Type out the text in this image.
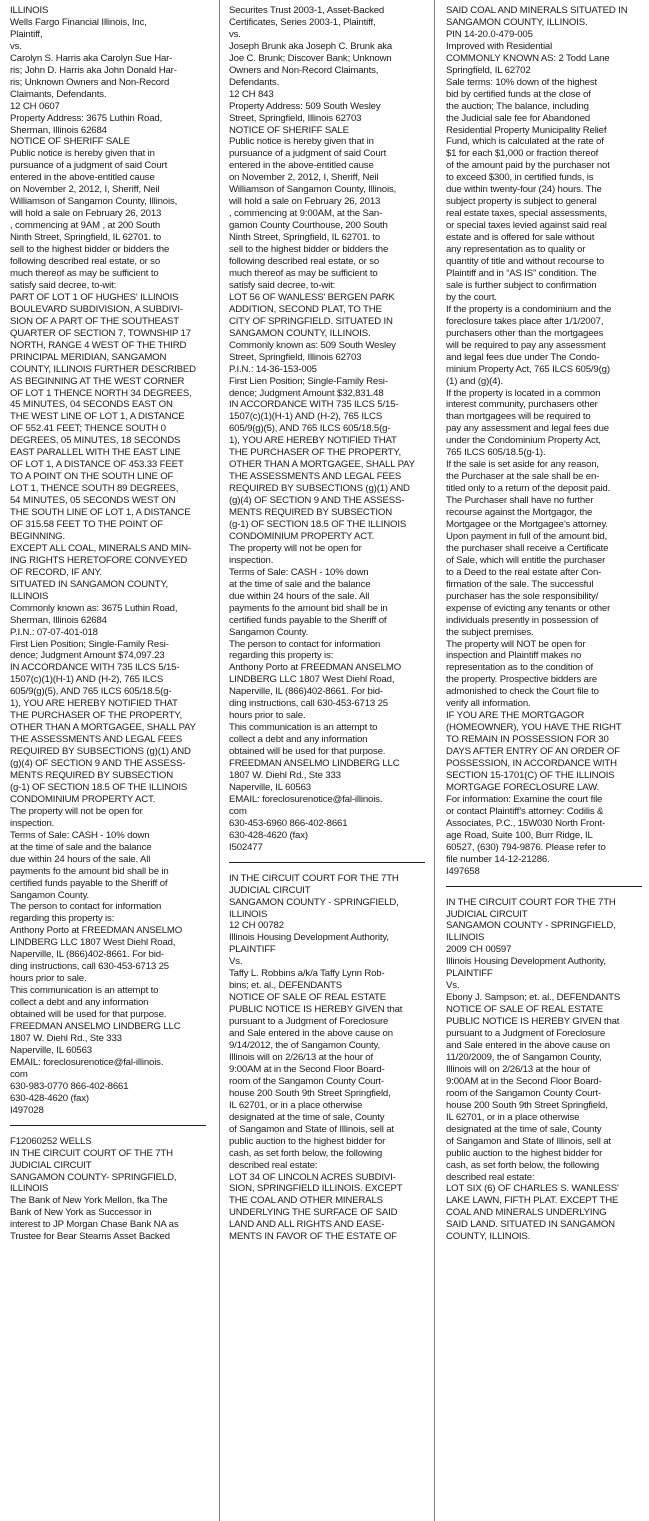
ILLINOIS
Wells Fargo Financial Illinois, Inc,
Plaintiff,
vs.
Carolyn S. Harris aka Carolyn Sue Har-
ris; John D. Harris aka John Donald Har-
ris; Unknown Owners and Non-Record
Claimants, Defendants.
12 CH 0607
Property Address: 3675 Luthin Road,
Sherman, Illinois 62684
NOTICE OF SHERIFF SALE
Public notice is hereby given that in
pursuance of a judgment of said Court
entered in the above-entitled cause
on November 2, 2012, I, Sheriff, Neil
Williamson of Sangamon County, Illinois,
will hold a sale on February 26, 2013
, commencing at 9AM , at 200 South
Ninth Street, Springfield, IL 62701. to
sell to the highest bidder or bidders the
following described real estate, or so
much thereof as may be sufficient to
satisfy said decree, to-wit:
PART OF LOT 1 OF HUGHES' ILLINOIS
BOULEVARD SUBDIVISION, A SUBDIVI-
SION OF A PART OF THE SOUTHEAST
QUARTER OF SECTION 7, TOWNSHIP 17
NORTH, RANGE 4 WEST OF THE THIRD
PRINCIPAL MERIDIAN, SANGAMON
COUNTY, ILLINOIS FURTHER DESCRIBED
AS BEGINNING AT THE WEST CORNER
OF LOT 1 THENCE NORTH 34 DEGREES,
45 MINUTES, 04 SECONDS EAST ON
THE WEST LINE OF LOT 1, A DISTANCE
OF 552.41 FEET; THENCE SOUTH 0
DEGREES, 05 MINUTES, 18 SECONDS
EAST PARALLEL WITH THE EAST LINE
OF LOT 1, A DISTANCE OF 453.33 FEET
TO A POINT ON THE SOUTH LINE OF
LOT 1, THENCE SOUTH 89 DEGREES,
54 MINUTES, 05 SECONDS WEST ON
THE SOUTH LINE OF LOT 1, A DISTANCE
OF 315.58 FEET TO THE POINT OF
BEGINNING.
EXCEPT ALL COAL, MINERALS AND MIN-
ING RIGHTS HERETOFORE CONVEYED
OF RECORD, IF ANY.
SITUATED IN SANGAMON COUNTY,
ILLINOIS
Commonly known as: 3675 Luthin Road,
Sherman, Illinois 62684
P.I.N.: 07-07-401-018
First Lien Position; Single-Family Resi-
dence; Judgment Amount $74,097.23
IN ACCORDANCE WITH 735 ILCS 5/15-
1507(c)(1)(H-1) AND (H-2), 765 ILCS
605/9(g)(5), AND 765 ILCS 605/18.5(g-
1), YOU ARE HEREBY NOTIFIED THAT
THE PURCHASER OF THE PROPERTY,
OTHER THAN A MORTGAGEE, SHALL PAY
THE ASSESSMENTS AND LEGAL FEES
REQUIRED BY SUBSECTIONS (g)(1) AND
(g)(4) OF SECTION 9 AND THE ASSESS-
MENTS REQUIRED BY SUBSECTION
(g-1) OF SECTION 18.5 OF THE ILLINOIS
CONDOMINIUM PROPERTY ACT.
The property will not be open for
inspection.
Terms of Sale: CASH - 10% down
at the time of sale and the balance
due within 24 hours of the sale. All
payments fo the amount bid shall be in
certified funds payable to the Sheriff of
Sangamon County.
The person to contact for information
regarding this property is:
Anthony Porto at FREEDMAN ANSELMO
LINDBERG LLC 1807 West Diehl Road,
Naperville, IL (866)402-8661. For bid-
ding instructions, call 630-453-6713 25
hours prior to sale.
This communication is an attempt to
collect a debt and any information
obtained will be used for that purpose.
FREEDMAN ANSELMO LINDBERG LLC
1807 W. Diehl Rd., Ste 333
Naperville, IL 60563
EMAIL: foreclosurenotice@fal-illinois.
com
630-983-0770 866-402-8661
630-428-4620 (fax)
I497028
F12060252 WELLS
IN THE CIRCUIT COURT OF THE 7TH
JUDICIAL CIRCUIT
SANGAMON COUNTY- SPRINGFIELD,
ILLINOIS
The Bank of New York Mellon, fka The
Bank of New York as Successor in
interest to JP Morgan Chase Bank NA as
Trustee for Bear Stearns Asset Backed
Securites Trust 2003-1, Asset-Backed
Certificates, Series 2003-1, Plaintiff,
vs.
Joseph Brunk aka Joseph C. Brunk aka
Joe C. Brunk; Discover Bank; Unknown
Owners and Non-Record Claimants,
Defendants.
12 CH 843
Property Address: 509 South Wesley
Street, Springfield, Illinois 62703
NOTICE OF SHERIFF SALE
Public notice is hereby given that in
pursuance of a judgment of said Court
entered in the above-entitled cause
on November 2, 2012, I, Sheriff, Neil
Williamson of Sangamon County, Illinois,
will hold a sale on February 26, 2013
, commencing at 9:00AM, at the San-
gamon County Courthouse, 200 South
Ninth Street, Springfield, IL 62701. to
sell to the highest bidder or bidders the
following described real estate, or so
much thereof as may be sufficient to
satisfy said decree, to-wit:
LOT 56 OF WANLESS' BERGEN PARK
ADDITION, SECOND PLAT, TO THE
CITY OF SPRINGFIELD. SITUATED IN
SANGAMON COUNTY, ILLINOIS.
Commonly known as: 509 South Wesley
Street, Springfield, Illinois 62703
P.I.N.: 14-36-153-005
First Lien Position; Single-Family Resi-
dence; Judgment Amount $32,831.48
IN ACCORDANCE WITH 735 ILCS 5/15-
1507(c)(1)(H-1) AND (H-2), 765 ILCS
605/9(g)(5), AND 765 ILCS 605/18.5(g-
1), YOU ARE HEREBY NOTIFIED THAT
THE PURCHASER OF THE PROPERTY,
OTHER THAN A MORTGAGEE, SHALL PAY
THE ASSESSMENTS AND LEGAL FEES
REQUIRED BY SUBSECTIONS (g)(1) AND
(g)(4) OF SECTION 9 AND THE ASSESS-
MENTS REQUIRED BY SUBSECTION
(g-1) OF SECTION 18.5 OF THE ILLINOIS
CONDOMINIUM PROPERTY ACT.
The property will not be open for
inspection.
Terms of Sale: CASH - 10% down
at the time of sale and the balance
due within 24 hours of the sale. All
payments fo the amount bid shall be in
certified funds payable to the Sheriff of
Sangamon County.
The person to contact for information
regarding this property is:
Anthony Porto at FREEDMAN ANSELMO
LINDBERG LLC 1807 West Diehl Road,
Naperville, IL (866)402-8661. For bid-
ding instructions, call 630-453-6713 25
hours prior to sale.
This communication is an attempt to
collect a debt and any information
obtained will be used for that purpose.
FREEDMAN ANSELMO LINDBERG LLC
1807 W. Diehl Rd., Ste 333
Naperville, IL 60563
EMAIL: foreclosurenotice@fal-illinois.
com
630-453-6960 866-402-8661
630-428-4620 (fax)
I502477
IN THE CIRCUIT COURT FOR THE 7TH
JUDICIAL CIRCUIT
SANGAMON COUNTY - SPRINGFIELD,
ILLINOIS
12 CH 00782
Illinois Housing Development Authority,
PLAINTIFF
Vs.
Taffy L. Robbins a/k/a Taffy Lynn Rob-
bins; et. al., DEFENDANTS
NOTICE OF SALE OF REAL ESTATE
PUBLIC NOTICE IS HEREBY GIVEN that
pursuant to a Judgment of Foreclosure
and Sale entered in the above cause on
9/14/2012, the of Sangamon County,
Illinois will on 2/26/13 at the hour of
9:00AM at in the Second Floor Board-
room of the Sangamon County Court-
house 200 South 9th Street Springfield,
IL 62701, or in a place otherwise
designated at the time of sale, County
of Sangamon and State of Illinois, sell at
public auction to the highest bidder for
cash, as set forth below, the following
described real estate:
LOT 34 OF LINCOLN ACRES SUBDIVI-
SION, SPRINGFIELD ILLINOIS. EXCEPT
THE COAL AND OTHER MINERALS
UNDERLYING THE SURFACE OF SAID
LAND AND ALL RIGHTS AND EASE-
MENTS IN FAVOR OF THE ESTATE OF
SAID COAL AND MINERALS SITUATED IN
SANGAMON COUNTY, ILLINOIS.
PIN 14-20.0-479-005
Improved with Residential
COMMONLY KNOWN AS: 2 Todd Lane
Springfield, IL 62702
Sale terms: 10% down of the highest
bid by certified funds at the close of
the auction; The balance, including
the Judicial sale fee for Abandoned
Residential Property Municipality Relief
Fund, which is calculated at the rate of
$1 for each $1,000 or fraction thereof
of the amount paid by the purchaser not
to exceed $300, in certified funds, is
due within twenty-four (24) hours. The
subject property is subject to general
real estate taxes, special assessments,
or special taxes levied against said real
estate and is offered for sale without
any representation as to quality or
quantity of title and without recourse to
Plaintiff and in “AS IS” condition. The
sale is further subject to confirmation
by the court.
If the property is a condominium and the
foreclosure takes place after 1/1/2007,
purchasers other than the mortgagees
will be required to pay any assessment
and legal fees due under The Condo-
minium Property Act, 765 ILCS 605/9(g)
(1) and (g)(4).
If the property is located in a common
interest community, purchasers other
than mortgagees will be required to
pay any assessment and legal fees due
under the Condominium Property Act,
765 ILCS 605/18.5(g-1).
If the sale is set aside for any reason,
the Purchaser at the sale shall be en-
titled only to a return of the deposit paid.
The Purchaser shall have no further
recourse against the Mortgagor, the
Mortgagee or the Mortgagee’s attorney.
Upon payment in full of the amount bid,
the purchaser shall receive a Certificate
of Sale, which will entitle the purchaser
to a Deed to the real estate after Con-
firmation of the sale. The successful
purchaser has the sole responsibility/
expense of evicting any tenants or other
individuals presently in possession of
the subject premises.
The property will NOT be open for
inspection and Plaintiff makes no
representation as to the condition of
the property. Prospective bidders are
admonished to check the Court file to
verify all information.
IF YOU ARE THE MORTGAGOR
(HOMEOWNER), YOU HAVE THE RIGHT
TO REMAIN IN POSSESSION FOR 30
DAYS AFTER ENTRY OF AN ORDER OF
POSSESSION, IN ACCORDANCE WITH
SECTION 15-1701(C) OF THE ILLINOIS
MORTGAGE FORECLOSURE LAW.
For information: Examine the court file
or contact Plaintiff’s attorney: Codilis &
Associates, P.C., 15W030 North Front-
age Road, Suite 100, Burr Ridge, IL
60527, (630) 794-9876. Please refer to
file number 14-12-21286.
I497658
IN THE CIRCUIT COURT FOR THE 7TH
JUDICIAL CIRCUIT
SANGAMON COUNTY - SPRINGFIELD,
ILLINOIS
2009 CH 00597
Illinois Housing Development Authority,
PLAINTIFF
Vs.
Ebony J. Sampson; et. al., DEFENDANTS
NOTICE OF SALE OF REAL ESTATE
PUBLIC NOTICE IS HEREBY GIVEN that
pursuant to a Judgment of Foreclosure
and Sale entered in the above cause on
11/20/2009, the of Sangamon County,
Illinois will on 2/26/13 at the hour of
9:00AM at in the Second Floor Board-
room of the Sangamon County Court-
house 200 South 9th Street Springfield,
IL 62701, or in a place otherwise
designated at the time of sale, County
of Sangamon and State of Illinois, sell at
public auction to the highest bidder for
cash, as set forth below, the following
described real estate:
LOT SIX (6) OF CHARLES S. WANLESS'
LAKE LAWN, FIFTH PLAT. EXCEPT THE
COAL AND MINERALS UNDERLYING
SAID LAND. SITUATED IN SANGAMON
COUNTY, ILLINOIS.
